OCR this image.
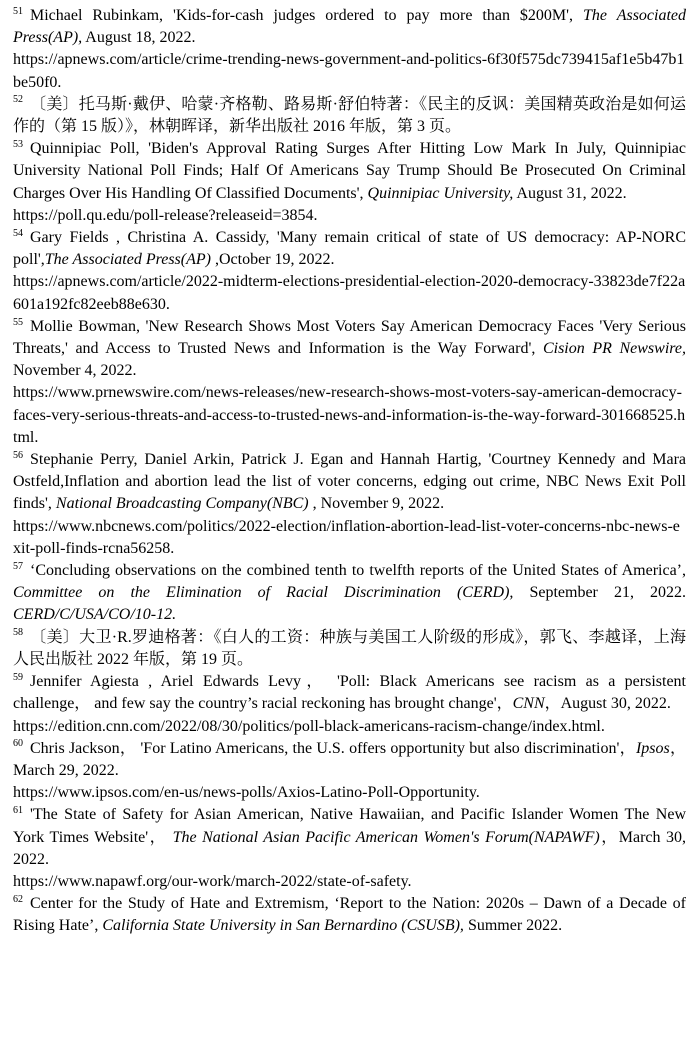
$^{51}$ Michael Rubinkam, 'Kids-for-cash judges ordered to pay more than $200M', The Associated Press(AP), August 18, 2022.
https://apnews.com/article/crime-trending-news-government-and-politics-6f30f575dc739415af1e5b47b1be50f0.

$^{52}$ 〔美〕托马斯·戴伊、哈蒙·齐格勒、路易斯·舒伯特著：《民主的反讽：美国精英政治是如何运作的（第 15 版）》，林朝晖译，新华出版社 2016 年版，第 3 页。

$^{53}$ Quinnipiac Poll, 'Biden's Approval Rating Surges After Hitting Low Mark In July, Quinnipiac University National Poll Finds; Half Of Americans Say Trump Should Be Prosecuted On Criminal Charges Over His Handling Of Classified Documents', Quinnipiac University, August 31, 2022.
https://poll.qu.edu/poll-release?releaseid=3854.

$^{54}$ Gary Fields , Christina A. Cassidy, 'Many remain critical of state of US democracy: AP-NORC poll',The Associated Press(AP) ,October 19, 2022.
https://apnews.com/article/2022-midterm-elections-presidential-election-2020-democracy-33823de7f22a601a192fc82eeb88e630.

$^{55}$ Mollie Bowman, 'New Research Shows Most Voters Say American Democracy Faces 'Very Serious Threats,' and Access to Trusted News and Information is the Way Forward', Cision PR Newswire, November 4, 2022.
https://www.prnewswire.com/news-releases/new-research-shows-most-voters-say-american-democracy-faces-very-serious-threats-and-access-to-trusted-news-and-information-is-the-way-forward-301668525.html.

$^{56}$ Stephanie Perry, Daniel Arkin, Patrick J. Egan and Hannah Hartig, 'Courtney Kennedy and Mara Ostfeld,Inflation and abortion lead the list of voter concerns, edging out crime, NBC News Exit Poll finds', National Broadcasting Company(NBC) , November 9, 2022.
https://www.nbcnews.com/politics/2022-election/inflation-abortion-lead-list-voter-concerns-nbc-news-exit-poll-finds-rcna56258.

$^{57}$ ‘Concluding observations on the combined tenth to twelfth reports of the United States of America’, Committee on the Elimination of Racial Discrimination (CERD), September 21, 2022. CERD/C/USA/CO/10-12.

$^{58}$ 〔美〕大卫·R.罗迪格著：《白人的工资：种族与美国工人阶级的形成》，郭飞、李越译，上海人民出版社 2022 年版，第 19 页。

$^{59}$ Jennifer Agiesta , Ariel Edwards Levy， 'Poll: Black Americans see racism as a persistent challenge， and few say the country’s racial reckoning has brought change'，CNN，August 30, 2022.
https://edition.cnn.com/2022/08/30/politics/poll-black-americans-racism-change/index.html.

$^{60}$ Chris Jackson， 'For Latino Americans, the U.S. offers opportunity but also discrimination'，Ipsos，March 29, 2022.
https://www.ipsos.com/en-us/news-polls/Axios-Latino-Poll-Opportunity.

$^{61}$ 'The State of Safety for Asian American, Native Hawaiian, and Pacific Islander Women The New York Times Website'， The National Asian Pacific American Women's Forum(NAPAWF)，March 30, 2022.
https://www.napawf.org/our-work/march-2022/state-of-safety.

$^{62}$ Center for the Study of Hate and Extremism, ‘Report to the Nation: 2020s – Dawn of a Decade of Rising Hate’, California State University in San Bernardino (CSUSB), Summer 2022.
